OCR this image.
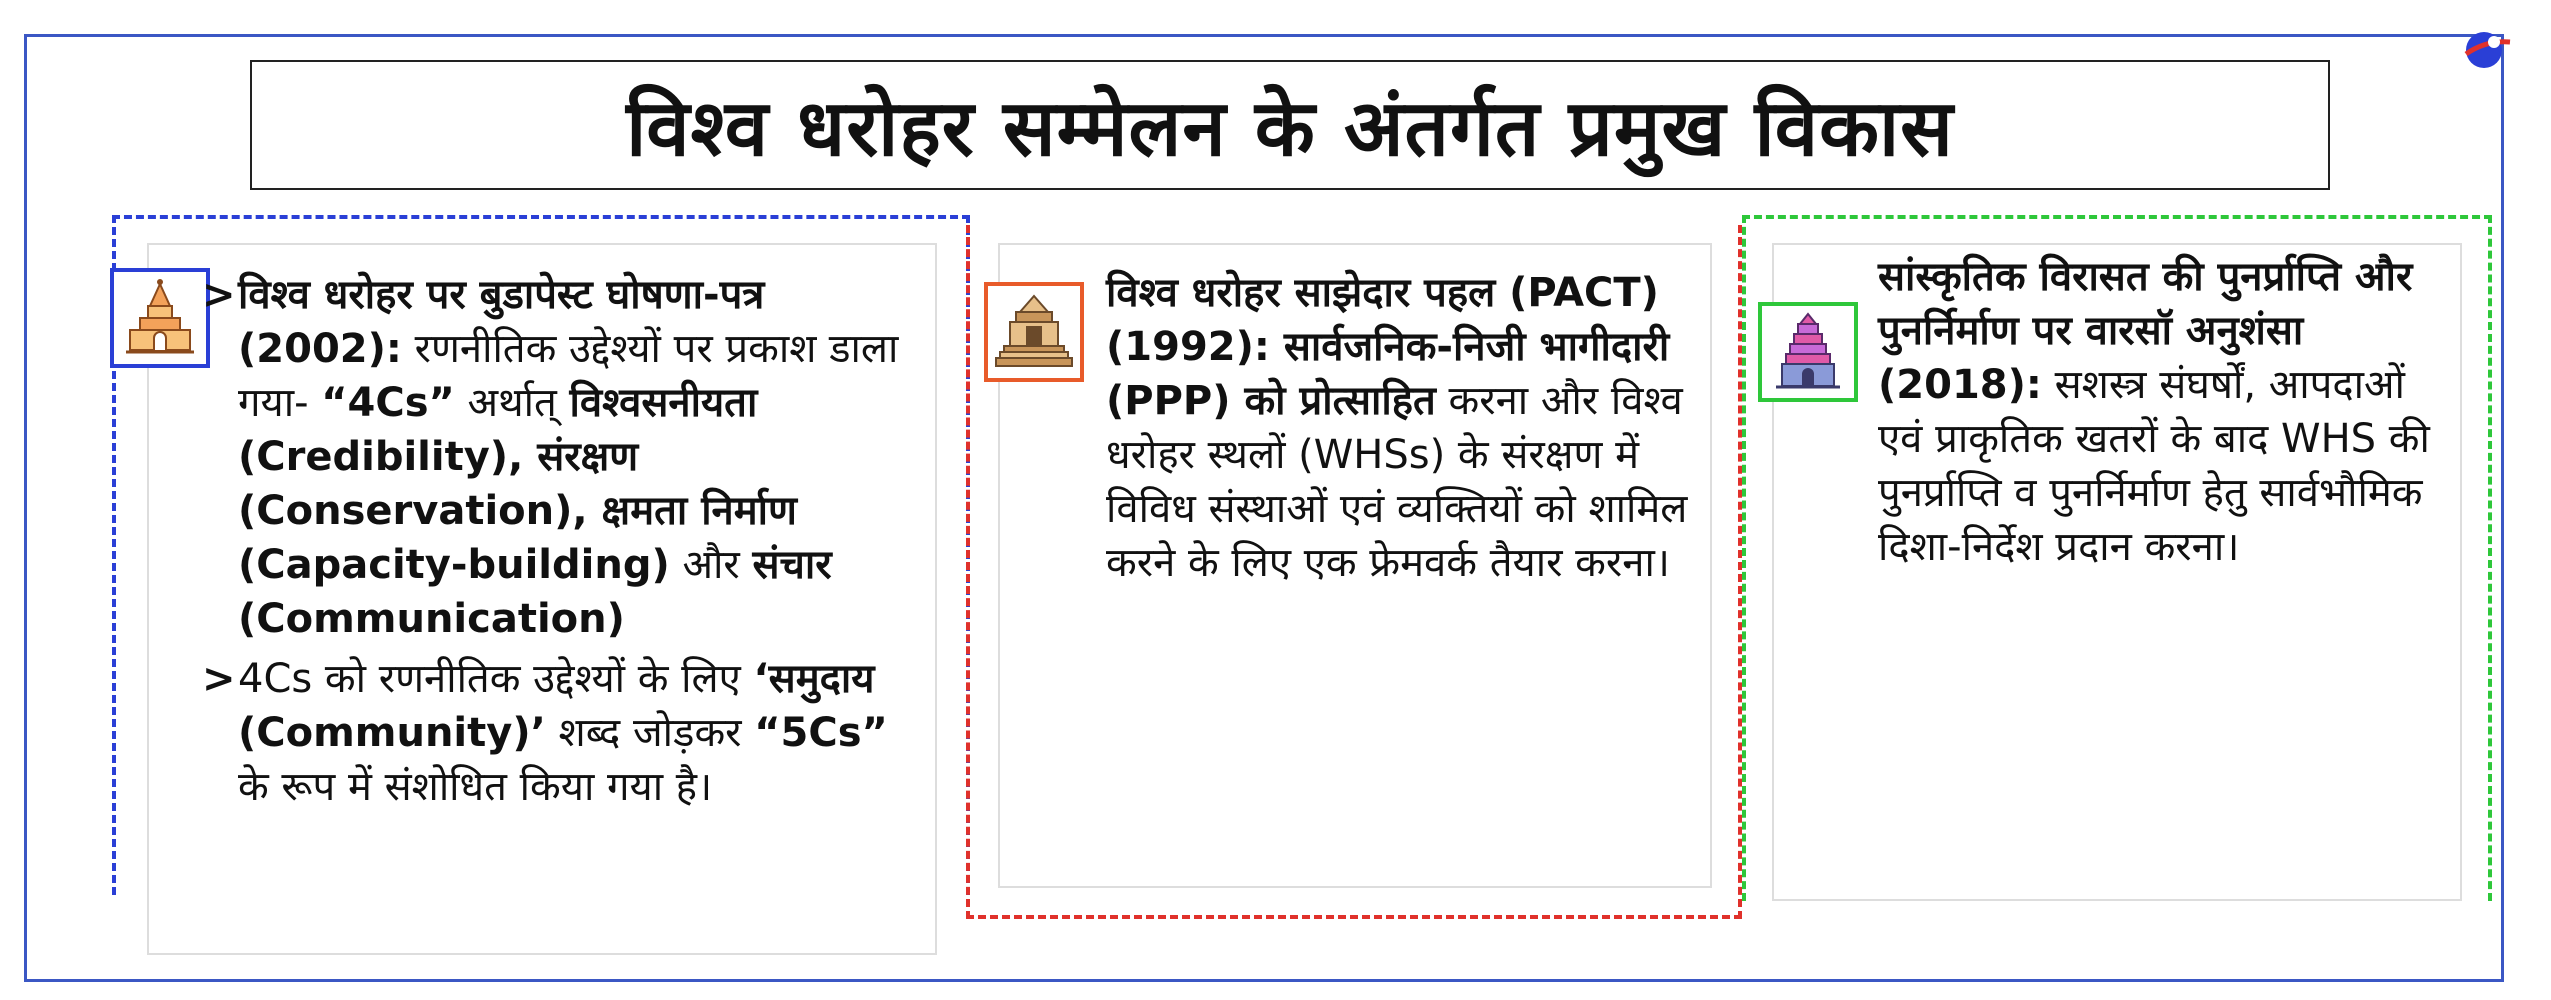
विश्व धरोहर सम्मेलन के अंतर्गत प्रमुख विकास
> विश्व धरोहर पर बुडापेस्ट घोषणा-पत्र (2002): रणनीतिक उद्देश्यों पर प्रकाश डाला गया- “4Cs” अर्थात् विश्वसनीयता (Credibility), संरक्षण (Conservation), क्षमता निर्माण (Capacity-building) और संचार (Communication)
> 4Cs को रणनीतिक उद्देश्यों के लिए ‘समुदाय (Community)’ शब्द जोड़कर “5Cs” के रूप में संशोधित किया गया है।
विश्व धरोहर साझेदार पहल (PACT) (1992): सार्वजनिक-निजी भागीदारी (PPP) को प्रोत्साहित करना और विश्व धरोहर स्थलों (WHSs) के संरक्षण में विविध संस्थाओं एवं व्यक्तियों को शामिल करने के लिए एक फ्रेमवर्क तैयार करना।
सांस्कृतिक विरासत की पुनर्प्राप्ति और पुनर्निर्माण पर वारसॉ अनुशंसा (2018): सशस्त्र संघर्षों, आपदाओं एवं प्राकृतिक खतरों के बाद WHS की पुनर्प्राप्ति व पुनर्निर्माण हेतु सार्वभौमिक दिशा-निर्देश प्रदान करना।
